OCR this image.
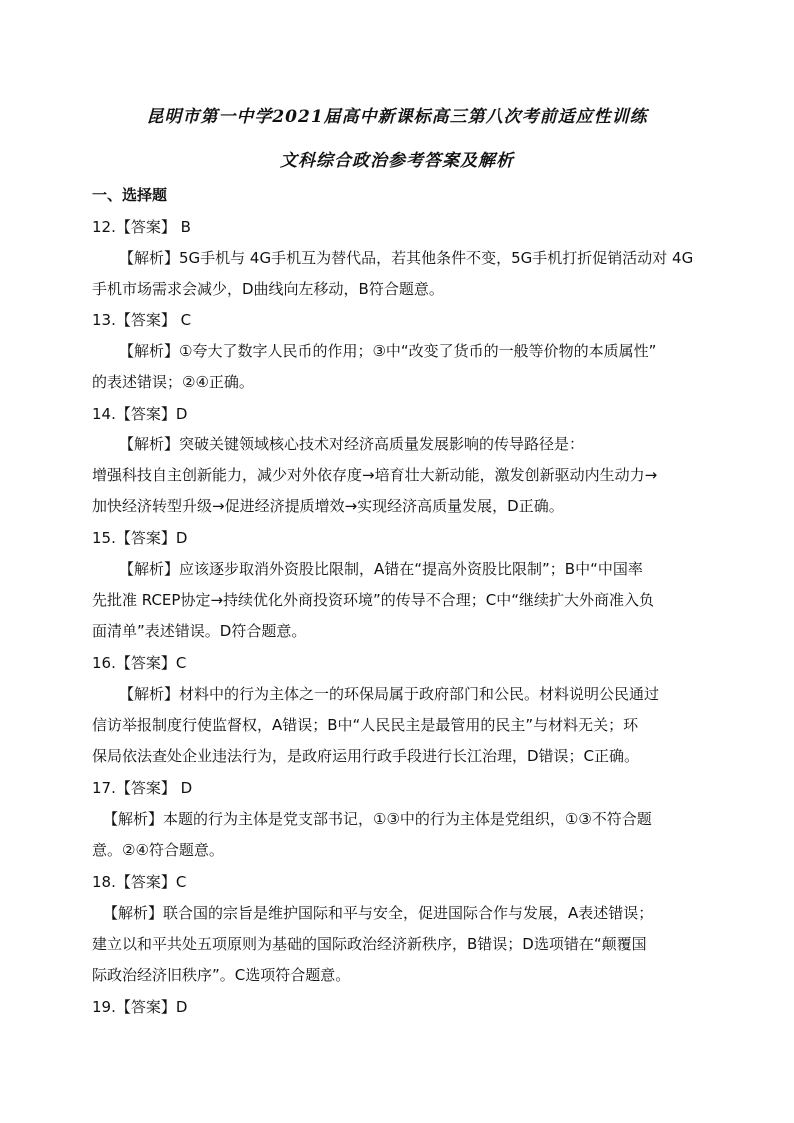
昆明市第一中学2021届高中新课标高三第八次考前适应性训练
文科综合政治参考答案及解析
一、选择题
12.【答案】 B
【解析】5G手机与 4G手机互为替代品，若其他条件不变，5G手机打折促销活动对 4G
手机市场需求会减少，D曲线向左移动，B符合题意。
13.【答案】 C
【解析】①夸大了数字人民币的作用；③中“改变了货币的一般等价物的本质属性”
的表述错误；②④正确。
14.【答案】D
【解析】突破关键领域核心技术对经济高质量发展影响的传导路径是：
增强科技自主创新能力，减少对外依存度→培育壮大新动能，激发创新驱动内生动力→
加快经济转型升级→促进经济提质增效→实现经济高质量发展，D正确。
15.【答案】D
【解析】应该逐步取消外资股比限制，A错在“提高外资股比限制”；B中“中国率
先批准 RCEP协定→持续优化外商投资环境”的传导不合理；C中“继续扩大外商准入负
面清单”表述错误。D符合题意。
16.【答案】C
【解析】材料中的行为主体之一的环保局属于政府部门和公民。材料说明公民通过
信访举报制度行使监督权，A错误；B中“人民民主是最管用的民主”与材料无关；环
保局依法查处企业违法行为，是政府运用行政手段进行长江治理，D错误；C正确。
17.【答案】 D
【解析】本题的行为主体是党支部书记，①③中的行为主体是党组织，①③不符合题
意。②④符合题意。
18.【答案】C
【解析】联合国的宗旨是维护国际和平与安全，促进国际合作与发展，A表述错误；
建立以和平共处五项原则为基础的国际政治经济新秩序，B错误；D选项错在“颠覆国
际政治经济旧秩序”。C选项符合题意。
19.【答案】D
